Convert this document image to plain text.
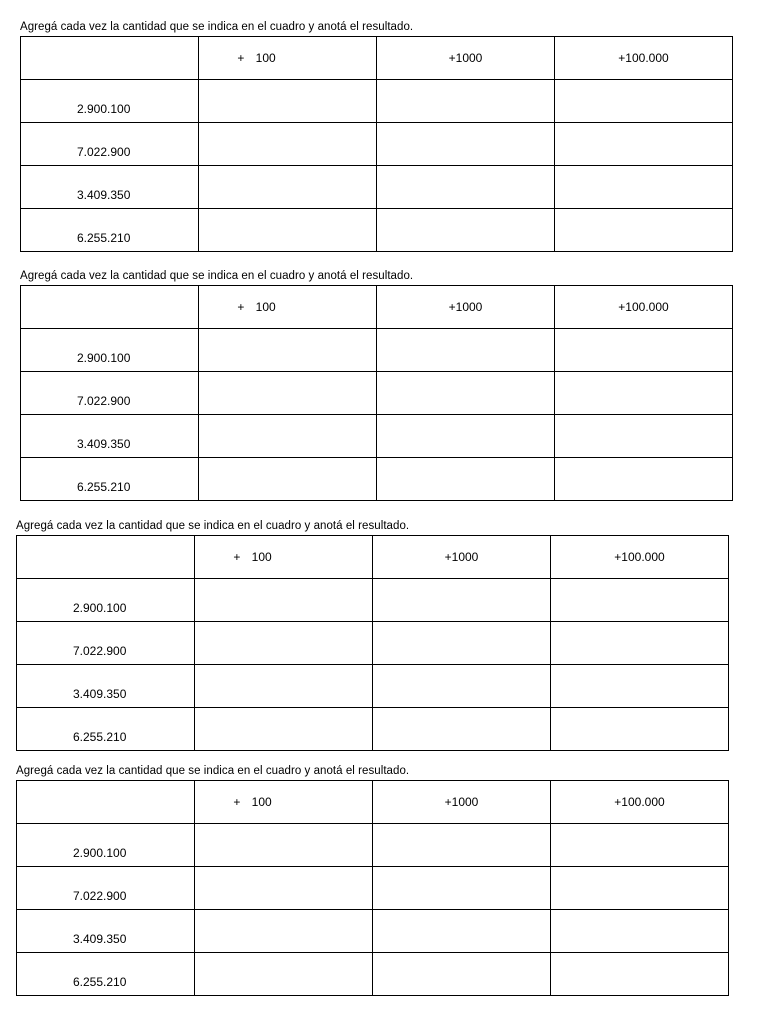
Agregá cada vez la cantidad que se indica en el cuadro y anotá el resultado.
	+ 100	+1000	+100.000

2.900.100			

7.022.900			

3.409.350			

6.255.210			

Agregá cada vez la cantidad que se indica en el cuadro y anotá el resultado.
	+ 100	+1000	+100.000

2.900.100			

7.022.900			

3.409.350			

6.255.210			

Agregá cada vez la cantidad que se indica en el cuadro y anotá el resultado.
	+ 100	+1000	+100.000

2.900.100			

7.022.900			

3.409.350			

6.255.210			

Agregá cada vez la cantidad que se indica en el cuadro y anotá el resultado.
	+ 100	+1000	+100.000

2.900.100			

7.022.900			

3.409.350			

6.255.210			
